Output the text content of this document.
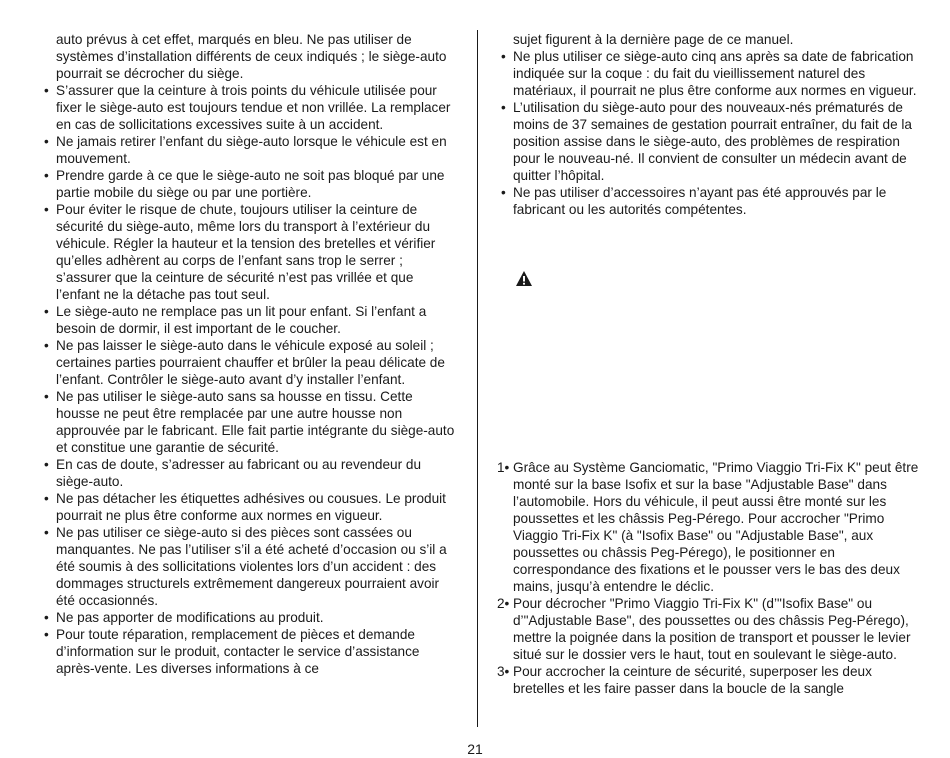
auto prévus à cet effet, marqués en bleu. Ne pas utiliser de systèmes d’installation différents de ceux indiqués ; le siège-auto pourrait se décrocher du siège.
• S’assurer que la ceinture à trois points du véhicule utilisée pour fixer le siège-auto est toujours tendue et non vrillée. La remplacer en cas de sollicitations excessives suite à un accident.
• Ne jamais retirer l’enfant du siège-auto lorsque le véhicule est en mouvement.
• Prendre garde à ce que le siège-auto ne soit pas bloqué par une partie mobile du siège ou par une portière.
• Pour éviter le risque de chute, toujours utiliser la ceinture de sécurité du siège-auto, même lors du transport à l’extérieur du véhicule. Régler la hauteur et la tension des bretelles et vérifier qu’elles adhèrent au corps de l’enfant sans trop le serrer ; s’assurer que la ceinture de sécurité n’est pas vrillée et que l’enfant ne la détache pas tout seul.
• Le siège-auto ne remplace pas un lit pour enfant. Si l’enfant a besoin de dormir, il est important de le coucher.
• Ne pas laisser le siège-auto dans le véhicule exposé au soleil ; certaines parties pourraient chauffer et brûler la peau délicate de l’enfant. Contrôler le siège-auto avant d’y installer l’enfant.
• Ne pas utiliser le siège-auto sans sa housse en tissu. Cette housse ne peut être remplacée par une autre housse non approuvée par le fabricant. Elle fait partie intégrante du siège-auto et constitue une garantie de sécurité.
• En cas de doute, s’adresser au fabricant ou au revendeur du siège-auto.
• Ne pas détacher les étiquettes adhésives ou cousues. Le produit pourrait ne plus être conforme aux normes en vigueur.
• Ne pas utiliser ce siège-auto si des pièces sont cassées ou manquantes. Ne pas l’utiliser s’il a été acheté d’occasion ou s’il a été soumis à des sollicitations violentes lors d’un accident : des dommages structurels extrêmement dangereux pourraient avoir été occasionnés.
• Ne pas apporter de modifications au produit.
• Pour toute réparation, remplacement de pièces et demande d’information sur le produit, contacter le service d’assistance après-vente. Les diverses informations à ce
sujet figurent à la dernière page de ce manuel.
• Ne plus utiliser ce siège-auto cinq ans après sa date de fabrication indiquée sur la coque : du fait du vieillissement naturel des matériaux, il pourrait ne plus être conforme aux normes en vigueur.
• L’utilisation du siège-auto pour des nouveaux-nés prématurés de moins de 37 semaines de gestation pourrait entraîner, du fait de la position assise dans le siège-auto, des problèmes de respiration pour le nouveau-né. Il convient de consulter un médecin avant de quitter l’hôpital.
• Ne pas utiliser d’accessoires n’ayant pas été approuvés par le fabricant ou les autorités compétentes.
1• Grâce au Système Ganciomatic, "Primo Viaggio Tri-Fix K" peut être monté sur la base Isofix et sur la base "Adjustable Base" dans l’automobile. Hors du véhicule, il peut aussi être monté sur les poussettes et les châssis Peg-Pérego. Pour accrocher "Primo Viaggio Tri-Fix K" (à "Isofix Base" ou "Adjustable Base", aux poussettes ou châssis Peg-Pérego), le positionner en correspondance des fixations et le pousser vers le bas des deux mains, jusqu’à entendre le déclic.
2• Pour décrocher "Primo Viaggio Tri-Fix K" (d’"Isofix Base" ou d’"Adjustable Base", des poussettes ou des châssis Peg-Pérego), mettre la poignée dans la position de transport et pousser le levier situé sur le dossier vers le haut, tout en soulevant le siège-auto.
3• Pour accrocher la ceinture de sécurité, superposer les deux bretelles et les faire passer dans la boucle de la sangle
21
